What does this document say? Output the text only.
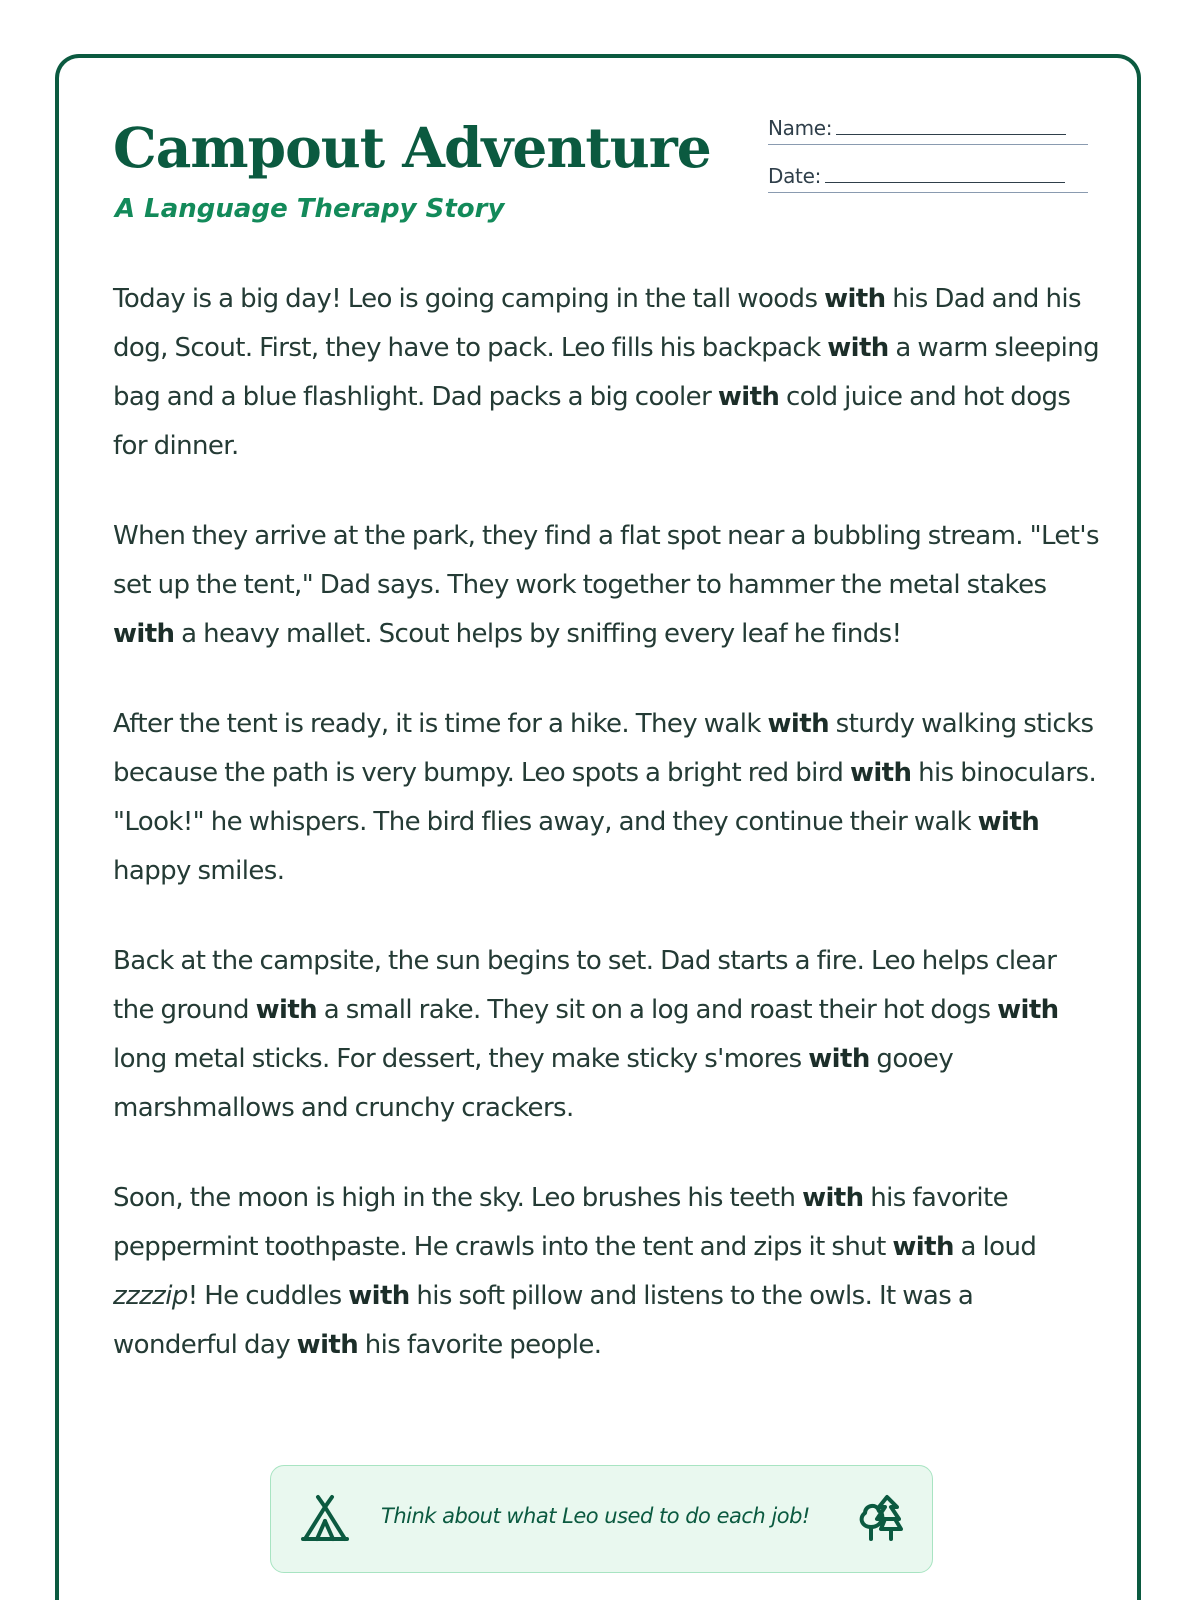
Campout Adventure
A Language Therapy Story
Name:
Date:

Today is a big day! Leo is going camping in the tall woods with his Dad and his dog, Scout. First, they have to pack. Leo fills his backpack with a warm sleeping bag and a blue flashlight. Dad packs a big cooler with cold juice and hot dogs for dinner.

When they arrive at the park, they find a flat spot near a bubbling stream. "Let's set up the tent," Dad says. They work together to hammer the metal stakes with a heavy mallet. Scout helps by sniffing every leaf he finds!

After the tent is ready, it is time for a hike. They walk with sturdy walking sticks because the path is very bumpy. Leo spots a bright red bird with his binoculars. "Look!" he whispers. The bird flies away, and they continue their walk with happy smiles.

Back at the campsite, the sun begins to set. Dad starts a fire. Leo helps clear the ground with a small rake. They sit on a log and roast their hot dogs with long metal sticks. For dessert, they make sticky s'mores with gooey marshmallows and crunchy crackers.

Soon, the moon is high in the sky. Leo brushes his teeth with his favorite peppermint toothpaste. He crawls into the tent and zips it shut with a loud zzzzip! He cuddles with his soft pillow and listens to the owls. It was a wonderful day with his favorite people.

Think about what Leo used to do each job!
